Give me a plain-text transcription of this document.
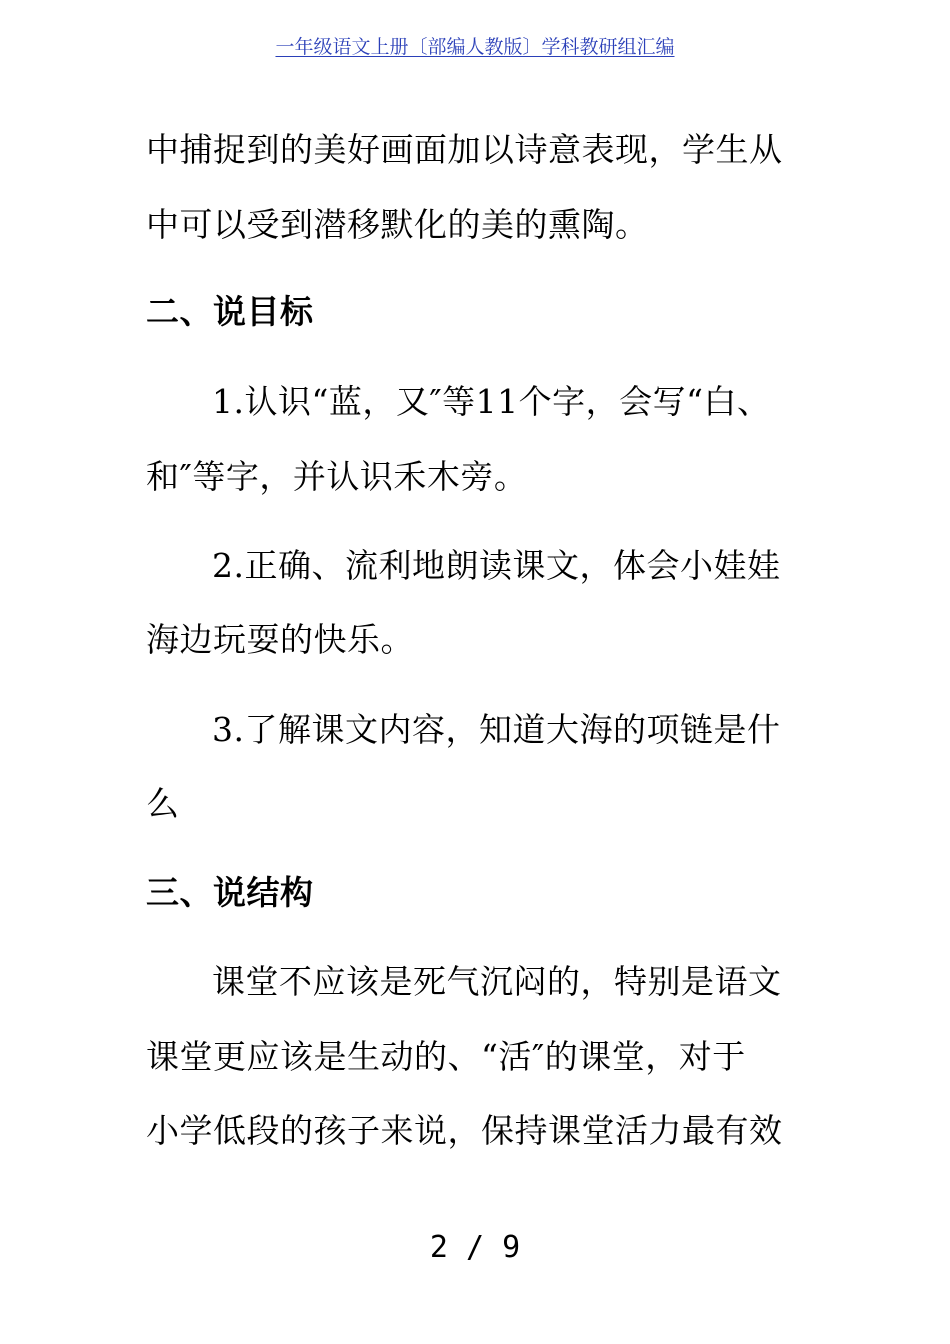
一年级语文上册〔部编人教版〕学科教研组汇编
中捕捉到的美好画面加以诗意表现，学生从
中可以受到潜移默化的美的熏陶。
二、说目标
1.认识“蓝，又″等11个字，会写“白、
和″等字，并认识禾木旁。
2.正确、流利地朗读课文，体会小娃娃
海边玩耍的快乐。
3.了解课文内容，知道大海的项链是什
么
三、说结构
课堂不应该是死气沉闷的，特别是语文
课堂更应该是生动的、“活″的课堂，对于
小学低段的孩子来说，保持课堂活力最有效
2 / 9
